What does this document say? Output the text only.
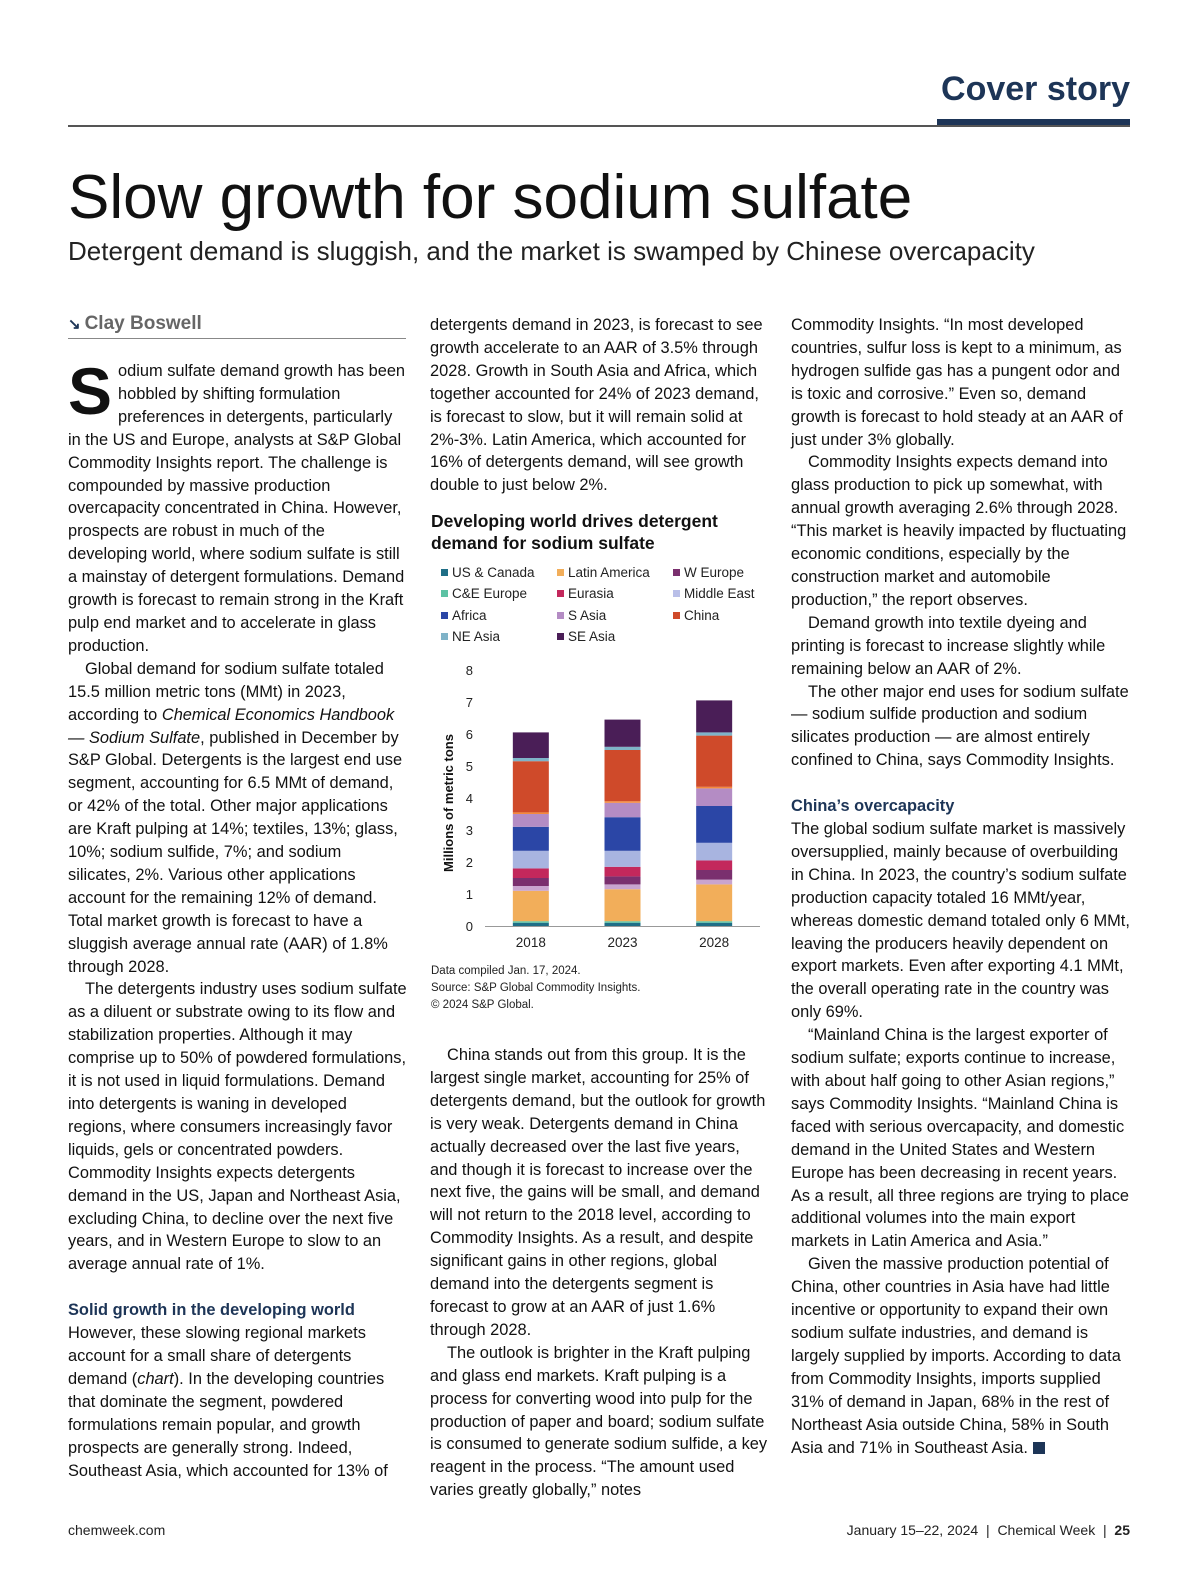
Cover story
Slow growth for sodium sulfate
Detergent demand is sluggish, and the market is swamped by Chinese overcapacity
↘ Clay Boswell

Sodium sulfate demand growth has been hobbled by shifting formulation preferences in detergents, particularly in the US and Europe, analysts at S&P Global Commodity Insights report. The challenge is compounded by massive production overcapacity concentrated in China. However, prospects are robust in much of the developing world, where sodium sulfate is still a mainstay of detergent formulations. Demand growth is forecast to remain strong in the Kraft pulp end market and to accelerate in glass production.

Global demand for sodium sulfate totaled 15.5 million metric tons (MMt) in 2023, according to Chemical Economics Handbook — Sodium Sulfate, published in December by S&P Global. Detergents is the largest end use segment, accounting for 6.5 MMt of demand, or 42% of the total. Other major applications are Kraft pulping at 14%; textiles, 13%; glass, 10%; sodium sulfide, 7%; and sodium silicates, 2%. Various other applications account for the remaining 12% of demand. Total market growth is forecast to have a sluggish average annual rate (AAR) of 1.8% through 2028.

The detergents industry uses sodium sulfate as a diluent or substrate owing to its flow and stabilization properties. Although it may comprise up to 50% of powdered formulations, it is not used in liquid formulations. Demand into detergents is waning in developed regions, where consumers increasingly favor liquids, gels or concentrated powders. Commodity Insights expects detergents demand in the US, Japan and Northeast Asia, excluding China, to decline over the next five years, and in Western Europe to slow to an average annual rate of 1%.

Solid growth in the developing world

However, these slowing regional markets account for a small share of detergents demand (chart). In the developing countries that dominate the segment, powdered formulations remain popular, and growth prospects are generally strong. Indeed, Southeast Asia, which accounted for 13% of

detergents demand in 2023, is forecast to see growth accelerate to an AAR of 3.5% through 2028. Growth in South Asia and Africa, which together accounted for 24% of 2023 demand, is forecast to slow, but it will remain solid at 2%-3%. Latin America, which accounted for 16% of detergents demand, will see growth double to just below 2%.

Developing world drives detergent demand for sodium sulfate
US & Canada	Latin America	W Europe
C&E Europe	Eurasia	Middle East
Africa	S Asia	China
NE Asia	SE Asia
0
1
2
3
4
5
6
7
8
Millions of metric tons
2018	2023	2028
Data compiled Jan. 17, 2024.
Source: S&P Global Commodity Insights.
© 2024 S&P Global.

China stands out from this group. It is the largest single market, accounting for 25% of detergents demand, but the outlook for growth is very weak. Detergents demand in China actually decreased over the last five years, and though it is forecast to increase over the next five, the gains will be small, and demand will not return to the 2018 level, according to Commodity Insights. As a result, and despite significant gains in other regions, global demand into the detergents segment is forecast to grow at an AAR of just 1.6% through 2028.

The outlook is brighter in the Kraft pulping and glass end markets. Kraft pulping is a process for converting wood into pulp for the production of paper and board; sodium sulfate is consumed to generate sodium sulfide, a key reagent in the process. “The amount used varies greatly globally,” notes

Commodity Insights. “In most developed countries, sulfur loss is kept to a minimum, as hydrogen sulfide gas has a pungent odor and is toxic and corrosive.” Even so, demand growth is forecast to hold steady at an AAR of just under 3% globally.

Commodity Insights expects demand into glass production to pick up somewhat, with annual growth averaging 2.6% through 2028. “This market is heavily impacted by fluctuating economic conditions, especially by the construction market and automobile production,” the report observes.

Demand growth into textile dyeing and printing is forecast to increase slightly while remaining below an AAR of 2%.

The other major end uses for sodium sulfate — sodium sulfide production and sodium silicates production — are almost entirely confined to China, says Commodity Insights.

China’s overcapacity

The global sodium sulfate market is massively oversupplied, mainly because of overbuilding in China. In 2023, the country’s sodium sulfate production capacity totaled 16 MMt/year, whereas domestic demand totaled only 6 MMt, leaving the producers heavily dependent on export markets. Even after exporting 4.1 MMt, the overall operating rate in the country was only 69%.

“Mainland China is the largest exporter of sodium sulfate; exports continue to increase, with about half going to other Asian regions,” says Commodity Insights. “Mainland China is faced with serious overcapacity, and domestic demand in the United States and Western Europe has been decreasing in recent years. As a result, all three regions are trying to place additional volumes into the main export markets in Latin America and Asia.”

Given the massive production potential of China, other countries in Asia have had little incentive or opportunity to expand their own sodium sulfate industries, and demand is largely supplied by imports. According to data from Commodity Insights, imports supplied 31% of demand in Japan, 68% in the rest of Northeast Asia outside China, 58% in South Asia and 71% in Southeast Asia.

chemweek.com	January 15–22, 2024 | Chemical Week | 25
